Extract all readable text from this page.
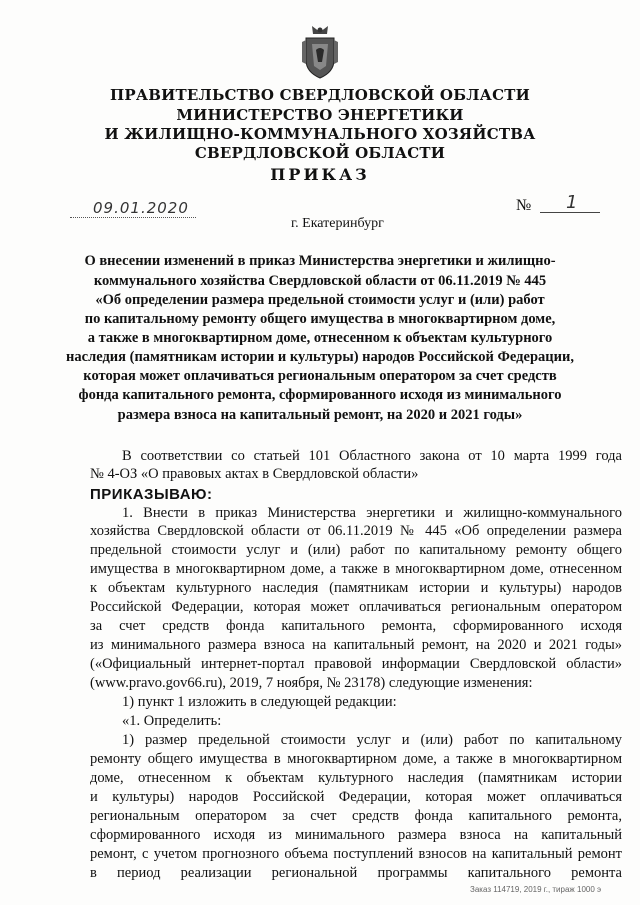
ПРАВИТЕЛЬСТВО СВЕРДЛОВСКОЙ ОБЛАСТИ
МИНИСТЕРСТВО ЭНЕРГЕТИКИ
И ЖИЛИЩНО-КОММУНАЛЬНОГО ХОЗЯЙСТВА
СВЕРДЛОВСКОЙ ОБЛАСТИ
ПРИКАЗ
09.01.2020	№ 1
г. Екатеринбург
О внесении изменений в приказ Министерства энергетики и жилищно-
коммунального хозяйства Свердловской области от 06.11.2019 № 445
«Об определении размера предельной стоимости услуг и (или) работ
по капитальному ремонту общего имущества в многоквартирном доме,
а также в многоквартирном доме, отнесенном к объектам культурного
наследия (памятникам истории и культуры) народов Российской Федерации,
которая может оплачиваться региональным оператором за счет средств
фонда капитального ремонта, сформированного исходя из минимального
размера взноса на капитальный ремонт, на 2020 и 2021 годы»
В соответствии со статьей 101 Областного закона от 10 марта 1999 года
№ 4-ОЗ «О правовых актах в Свердловской области»
ПРИКАЗЫВАЮ:
1. Внести в приказ Министерства энергетики и жилищно-коммунального
хозяйства Свердловской области от 06.11.2019 № 445 «Об определении размера
предельной стоимости услуг и (или) работ по капитальному ремонту общего
имущества в многоквартирном доме, а также в многоквартирном доме, отнесенном
к объектам культурного наследия (памятникам истории и культуры) народов
Российской Федерации, которая может оплачиваться региональным оператором
за счет средств фонда капитального ремонта, сформированного исходя
из минимального размера взноса на капитальный ремонт, на 2020 и 2021 годы»
(«Официальный интернет-портал правовой информации Свердловской области»
(www.pravo.gov66.ru), 2019, 7 ноября, № 23178) следующие изменения:
1) пункт 1 изложить в следующей редакции:
«1. Определить:
1) размер предельной стоимости услуг и (или) работ по капитальному
ремонту общего имущества в многоквартирном доме, а также в многоквартирном
доме, отнесенном к объектам культурного наследия (памятникам истории
и культуры) народов Российской Федерации, которая может оплачиваться
региональным оператором за счет средств фонда капитального ремонта,
сформированного исходя из минимального размера взноса на капитальный
ремонт, с учетом прогнозного объема поступлений взносов на капитальный ремонт
в период реализации региональной программы капитального ремонта
Заказ 114719, 2019 г., тираж 1000 э
